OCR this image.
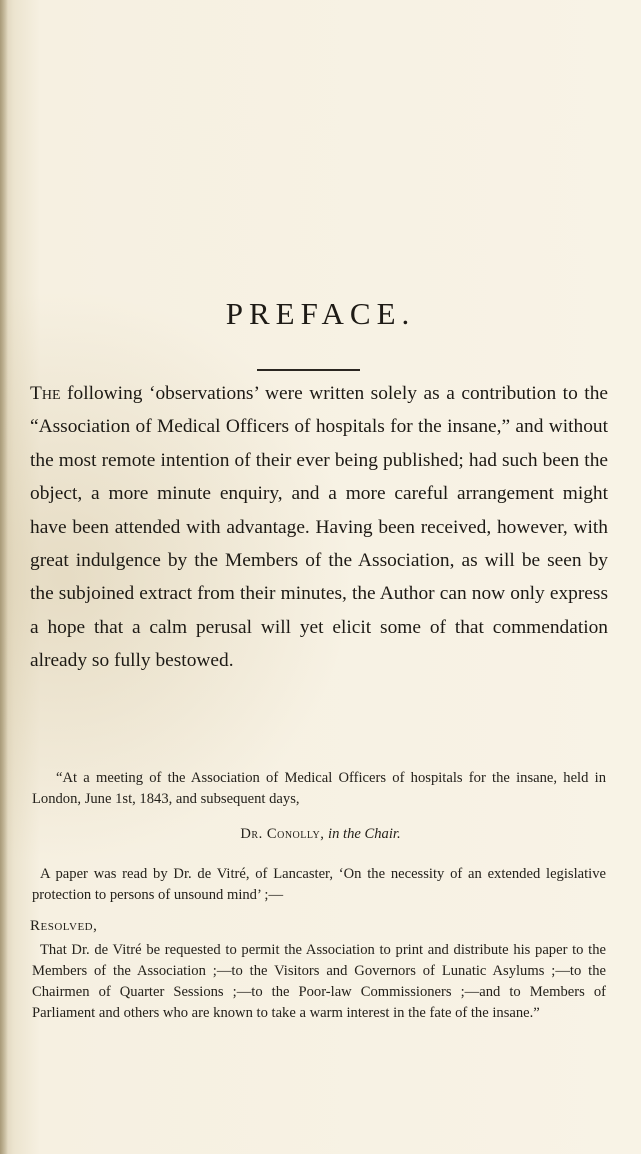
PREFACE.

The following ‘observations’ were written solely as a contribution to the “Association of Medical Officers of hospitals for the insane,” and without the most remote intention of their ever being published; had such been the object, a more minute enquiry, and a more careful arrangement might have been attended with advantage. Having been received, however, with great indulgence by the Members of the Association, as will be seen by the subjoined extract from their minutes, the Author can now only express a hope that a calm perusal will yet elicit some of that commendation already so fully bestowed.

“At a meeting of the Association of Medical Officers of hospitals for the insane, held in London, June 1st, 1843, and subsequent days,

Dr. Conolly, in the Chair.

A paper was read by Dr. de Vitré, of Lancaster, ‘On the necessity of an extended legislative protection to persons of unsound mind’ ;—

Resolved,

That Dr. de Vitré be requested to permit the Association to print and distribute his paper to the Members of the Association ;—to the Visitors and Governors of Lunatic Asylums ;—to the Chairmen of Quarter Sessions ;—to the Poor-law Commissioners ;—and to Members of Parliament and others who are known to take a warm interest in the fate of the insane.”
